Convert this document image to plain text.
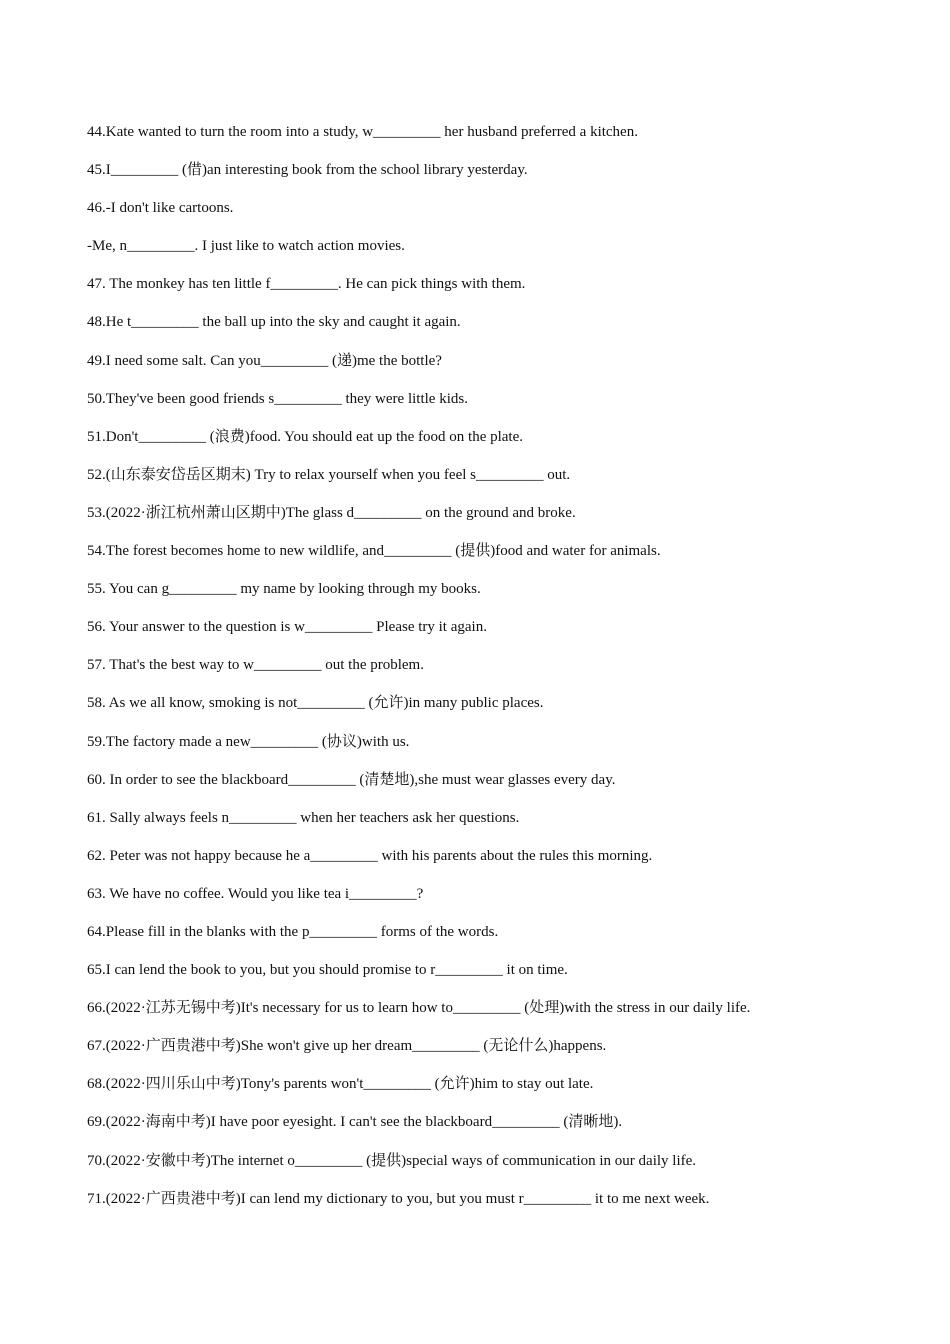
44.Kate wanted to turn the room into a study, w_________ her husband preferred a kitchen.
45.I_________ (借)an interesting book from the school library yesterday.
46.-I don't like cartoons.
-Me, n_________. I just like to watch action movies.
47. The monkey has ten little f_________. He can pick things with them.
48.He t_________ the ball up into the sky and caught it again.
49.I need some salt. Can you_________ (递)me the bottle?
50.They've been good friends s_________ they were little kids.
51.Don't_________ (浪费)food. You should eat up the food on the plate.
52.(山东泰安岱岳区期末) Try to relax yourself when you feel s_________ out.
53.(2022·浙江杭州萧山区期中)The glass d_________ on the ground and broke.
54.The forest becomes home to new wildlife, and_________ (提供)food and water for animals.
55. You can g_________ my name by looking through my books.
56. Your answer to the question is w_________ Please try it again.
57. That's the best way to w_________ out the problem.
58. As we all know, smoking is not_________ (允许)in many public places.
59.The factory made a new_________ (协议)with us.
60. In order to see the blackboard_________ (清楚地),she must wear glasses every day.
61. Sally always feels n_________ when her teachers ask her questions.
62. Peter was not happy because he a_________ with his parents about the rules this morning.
63. We have no coffee. Would you like tea i_________?
64.Please fill in the blanks with the p_________ forms of the words.
65.I can lend the book to you, but you should promise to r_________ it on time.
66.(2022·江苏无锡中考)It's necessary for us to learn how to_________ (处理)with the stress in our daily life.
67.(2022·广西贵港中考)She won't give up her dream_________ (无论什么)happens.
68.(2022·四川乐山中考)Tony's parents won't_________ (允许)him to stay out late.
69.(2022·海南中考)I have poor eyesight. I can't see the blackboard_________ (清晰地).
70.(2022·安徽中考)The internet o_________ (提供)special ways of communication in our daily life.
71.(2022·广西贵港中考)I can lend my dictionary to you, but you must r_________ it to me next week.
